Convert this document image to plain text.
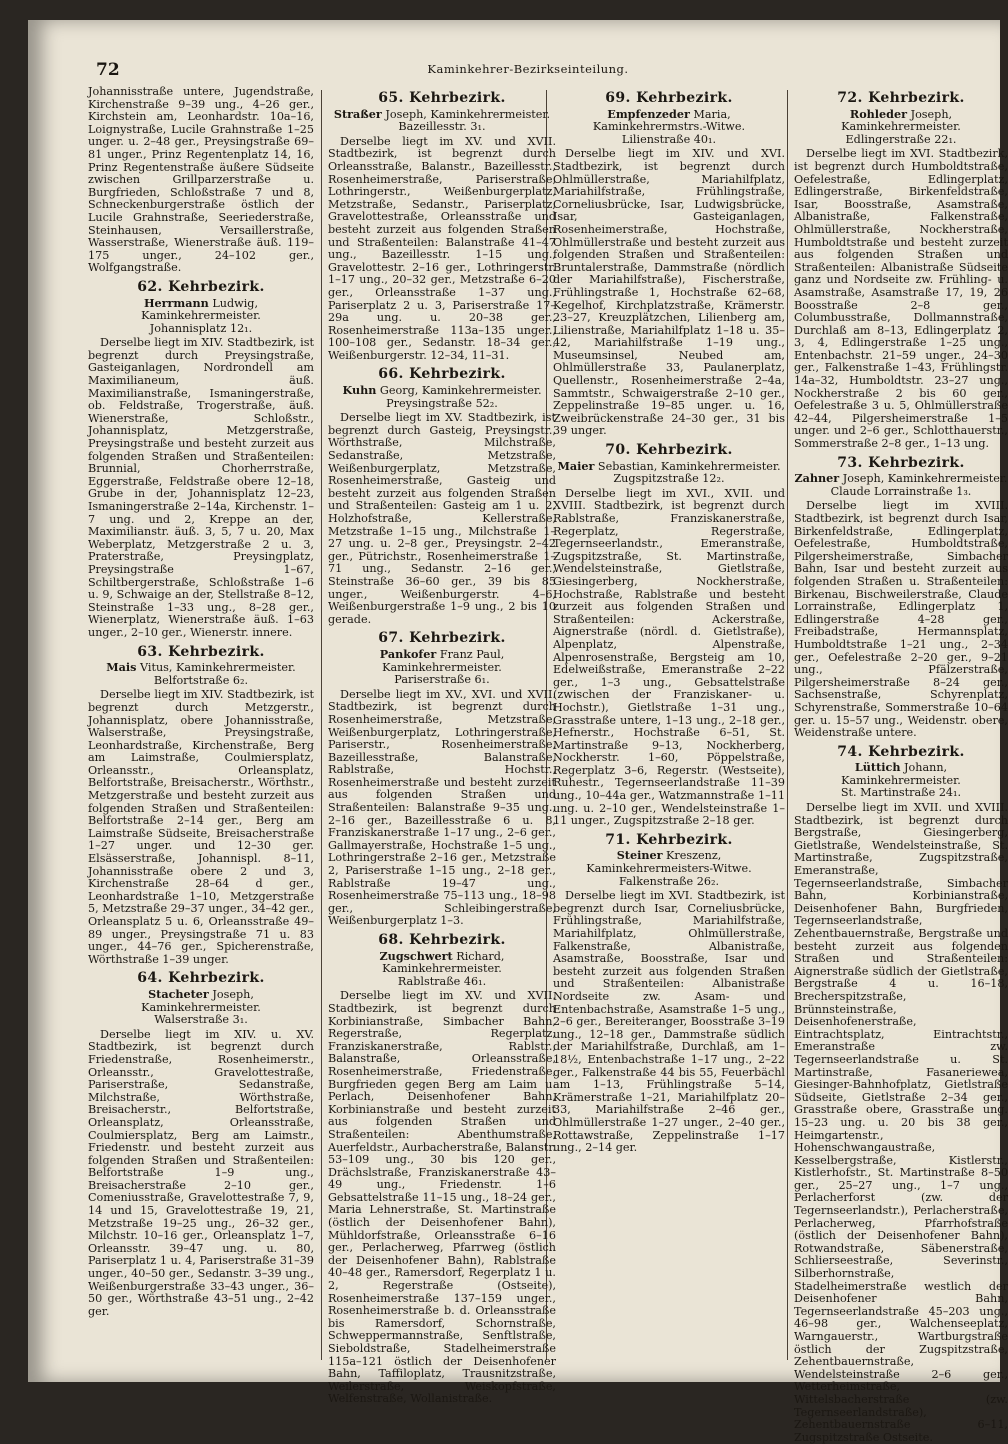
72	Kaminkehrer-Bezirkseinteilung.

Johannisstraße untere, Jugendstraße, Kirchenstraße 9–39 ung., 4–26 ger., Kirchstein am, Leonhardstr. 10a–16, Loignystraße, Lucile Grahnstraße 1–25 unger. u. 2–48 ger., Preysingstraße 69–81 unger., Prinz Regentenplatz 14, 16, Prinz Regentenstraße äußere Südseite zwischen Grillparzerstraße u. Burgfrieden, Schloßstraße 7 und 8, Schneckenburgerstraße östlich der Lucile Grahnstraße, Seeriederstraße, Steinhausen, Versaillerstraße, Wasserstraße, Wienerstraße äuß. 119–175 unger., 24–102 ger., Wolfgangstraße.

62. Kehrbezirk.
Herrmann Ludwig, Kaminkehrermeister.
Johannisplatz 12₁.

Derselbe liegt im XIV. Stadtbezirk, ist begrenzt durch Preysingstraße, Gasteiganlagen, Nordrondell am Maximilianeum, äuß. Maximilianstraße, Ismaningerstraße, ob. Feldstraße, Trogerstraße, äuß. Wienerstraße, Schloßstr., Johannisplatz, Metzgerstraße, Preysingstraße und besteht zurzeit aus folgenden Straßen und Straßenteilen: Brunnial, Chorherrstraße, Eggerstraße, Feldstraße obere 12–18, Grube in der, Johannisplatz 12–23, Ismaningerstraße 2–14a, Kirchenstr. 1–7 ung. und 2, Kreppe an der, Maximilianstr. äuß. 3, 5, 7 u. 20, Max Weberplatz, Metzgerstraße 2 u. 3, Praterstraße, Preysingplatz, Preysingstraße 1–67, Schiltbergerstraße, Schloßstraße 1–6 u. 9, Schwaige an der, Stellstraße 8–12, Steinstraße 1–33 ung., 8–28 ger., Wienerplatz, Wienerstraße äuß. 1–63 unger., 2–10 ger., Wienerstr. innere.

63. Kehrbezirk.
Mais Vitus, Kaminkehrermeister.
Belfortstraße 6₂.

Derselbe liegt im XIV. Stadtbezirk, ist begrenzt durch Metzgerstr., Johannisplatz, obere Johannisstraße, Walserstraße, Preysingstraße, Leonhardstraße, Kirchenstraße, Berg am Laimstraße, Coulmiersplatz, Orleansstr., Orleansplatz, Belfortstraße, Breisacherstr., Wörthstr., Metzgerstraße und besteht zurzeit aus folgenden Straßen und Straßenteilen: Belfortstraße 2–14 ger., Berg am Laimstraße Südseite, Breisacherstraße 1–27 unger. und 12–30 ger. Elsässerstraße, Johannispl. 8–11, Johannisstraße obere 2 und 3, Kirchenstraße 28–64 d ger., Leonhardstraße 1–10, Metzgerstraße 5, Metzstraße 29–37 unger., 34–42 ger., Orleansplatz 5 u. 6, Orleansstraße 49–89 unger., Preysingstraße 71 u. 83 unger., 44–76 ger., Spicherenstraße, Wörthstraße 1–39 unger.

64. Kehrbezirk.
Stacheter Joseph, Kaminkehrermeister.
Walserstraße 3₁.

Derselbe liegt im XIV. u. XV. Stadtbezirk, ist begrenzt durch Friedenstraße, Rosenheimerstr., Orleansstr., Gravelottestraße, Pariserstraße, Sedanstraße, Milchstraße, Wörthstraße, Breisacherstr., Belfortstraße, Orleansplatz, Orleansstraße, Coulmiersplatz, Berg am Laimstr., Friedenstr. und besteht zurzeit aus folgenden Straßen und Straßenteilen: Belfortstraße 1–9 ung., Breisacherstraße 2–10 ger., Comeniusstraße, Gravelottestraße 7, 9, 14 und 15, Gravelottestraße 19, 21, Metzstraße 19–25 ung., 26–32 ger., Milchstr. 10–16 ger., Orleansplatz 1–7, Orleansstr. 39–47 ung. u. 80, Pariserplatz 1 u. 4, Pariserstraße 31–39 unger., 40–50 ger., Sedanstr. 3–39 ung., Weißenburgerstraße 33–43 unger., 36–50 ger., Wörthstraße 43–51 ung., 2–42 ger.

65. Kehrbezirk.
Straßer Joseph, Kaminkehrermeister.
Bazeillesstr. 3₁.

Derselbe liegt im XV. und XVII. Stadtbezirk, ist begrenzt durch Orleansstraße, Balanstr., Bazeillesstr., Rosenheimerstraße, Pariserstraße, Lothringerstr., Weißenburgerplatz, Metzstraße, Sedanstr., Pariserplatz, Gravelottestraße, Orleansstraße und besteht zurzeit aus folgenden Straßen und Straßenteilen: Balanstraße 41–47 ung., Bazeillesstr. 1–15 ung., Gravelottestr. 2–16 ger., Lothringerstr. 1–17 ung., 20–32 ger., Metzstraße 6–20 ger., Orleansstraße 1–37 ung., Pariserplatz 2 u. 3, Pariserstraße 17–29a ung. u. 20–38 ger., Rosenheimerstraße 113a–135 unger., 100–108 ger., Sedanstr. 18–34 ger., Weißenburgerstr. 12–34, 11–31.

66. Kehrbezirk.
Kuhn Georg, Kaminkehrermeister.
Preysingstraße 52₂.

Derselbe liegt im XV. Stadtbezirk, ist begrenzt durch Gasteig, Preysingstr., Wörthstraße, Milchstraße, Sedanstraße, Metzstraße, Weißenburgerplatz, Metzstraße, Rosenheimerstraße, Gasteig und besteht zurzeit aus folgenden Straßen und Straßenteilen: Gasteig am 1 u. 2, Holzhofstraße, Kellerstraße, Metzstraße 1–15 ung., Milchstraße 1–27 ung. u. 2–8 ger., Preysingstr. 2–42 ger., Pütrichstr., Rosenheimerstraße 1–71 ung., Sedanstr. 2–16 ger., Steinstraße 36–60 ger., 39 bis 85 unger., Weißenburgerstr. 4–6, Weißenburgerstraße 1–9 ung., 2 bis 10 gerade.

67. Kehrbezirk.
Pankofer Franz Paul, Kaminkehrermeister.
Pariserstraße 6₁.

Derselbe liegt im XV., XVI. und XVII. Stadtbezirk, ist begrenzt durch Rosenheimerstraße, Metzstraße, Weißenburgerplatz, Lothringerstraße, Pariserstr., Rosenheimerstraße, Bazeillesstraße, Balanstraße, Rablstraße, Hochstr., Rosenheimerstraße und besteht zurzeit aus folgenden Straßen und Straßenteilen: Balanstraße 9–35 ung., 2–16 ger., Bazeillesstraße 6 u. 8, Franziskanerstraße 1–17 ung., 2–6 ger., Gallmayerstraße, Hochstraße 1–5 ung., Lothringerstraße 2–16 ger., Metzstraße 2, Pariserstraße 1–15 ung., 2–18 ger., Rablstraße 19–47 ung., Rosenheimerstraße 75–113 ung., 18–98 ger., Schleibingerstraße, Weißenburgerplatz 1–3.

68. Kehrbezirk.
Zugschwert Richard, Kaminkehrermeister.
Rablstraße 46₁.

Derselbe liegt im XV. und XVII. Stadtbezirk, ist begrenzt durch Korbinianstraße, Simbacher Bahn, Regerstraße, Regerplatz, Franziskanerstraße, Rablstr., Balanstraße, Orleansstraße, Rosenheimerstraße, Friedenstraße, Burgfrieden gegen Berg am Laim u. Perlach, Deisenhofener Bahn, Korbinianstraße und besteht zurzeit aus folgenden Straßen und Straßenteilen: Abenthumstraße, Auerfeldstr., Aurbacherstraße, Balanstr. 53–109 ung., 30 bis 120 ger., Drächslstraße, Franziskanerstraße 43–49 ung., Friedenstr. 1–6 Gebsattelstraße 11–15 ung., 18–24 ger., Maria Lehnerstraße, St. Martinstraße (östlich der Deisenhofener Bahn), Mühldorfstraße, Orleansstraße 6–16 ger., Perlacherweg, Pfarrweg (östlich der Deisenhofener Bahn), Rablstraße 40–48 ger., Ramersdorf, Regerplatz 1 u. 2, Regerstraße (Ostseite), Rosenheimerstraße 137–159 unger., Rosenheimerstraße b. d. Orleansstraße bis Ramersdorf, Schornstraße, Schweppermannstraße, Senftlstraße, Sieboldstraße, Stadelheimerstraße 115a–121 östlich der Deisenhofener Bahn, Taffiloplatz, Trausnitzstraße, Weilerstraße, Weiskopfstraße, Welfenstraße, Wollanistraße.

69. Kehrbezirk.
Empfenzeder Maria, Kaminkehrermstrs.-Witwe.
Lilienstraße 40₁.

Derselbe liegt im XIV. und XVI. Stadtbezirk, ist begrenzt durch Ohlmüllerstraße, Mariahilfplatz, Mariahilfstraße, Frühlingstraße, Corneliusbrücke, Isar, Ludwigsbrücke, Isar, Gasteiganlagen, Rosenheimerstraße, Hochstraße, Ohlmüllerstraße und besteht zurzeit aus folgenden Straßen und Straßenteilen: Bruntalerstraße, Dammstraße (nördlich der Mariahilfstraße), Fischerstraße, Frühlingstraße 1, Hochstraße 62–68, Kegelhof, Kirchplatzstraße, Krämerstr. 23–27, Kreuzplätzchen, Lilienberg am, Lilienstraße, Mariahilfplatz 1–18 u. 35–42, Mariahilfstraße 1–19 ung., Museumsinsel, Neubed am, Ohlmüllerstraße 33, Paulanerplatz, Quellenstr., Rosenheimerstraße 2–4a, Sammtstr., Schwaigerstraße 2–10 ger., Zeppelinstraße 19–85 unger. u. 16, Zweibrückenstraße 24–30 ger., 31 bis 39 unger.

70. Kehrbezirk.
Maier Sebastian, Kaminkehrermeister.
Zugspitzstraße 12₂.

Derselbe liegt im XVI., XVII. und XVIII. Stadtbezirk, ist begrenzt durch Rablstraße, Franziskanerstraße, Regerplatz, Regerstraße, Tegernseerlandstr., Emeranstraße, Zugspitzstraße, St. Martinstraße, Wendelsteinstraße, Gietlstraße, Giesingerberg, Nockherstraße, Hochstraße, Rablstraße und besteht zurzeit aus folgenden Straßen und Straßenteilen: Ackerstraße, Aignerstraße (nördl. d. Gietlstraße), Alpenplatz, Alpenstraße, Alpenrosenstraße, Bergsteig am 10, Edelweißstraße, Emeranstraße 2–22 ger., 1–3 ung., Gebsattelstraße (zwischen der Franziskaner- u. Hochstr.), Gietlstraße 1–31 ung., Grasstraße untere, 1–13 ung., 2–18 ger., Hefnerstr., Hochstraße 6–51, St. Martinstraße 9–13, Nockherberg, Nockherstr. 1–60, Pöppelstraße, Regerplatz 3–6, Regerstr. (Westseite), Ruhestr., Tegernseerlandstraße 11–39 ung., 10–44a ger., Watzmannstraße 1–11 ung. u. 2–10 ger., Wendelsteinstraße 1–11 unger., Zugspitzstraße 2–18 ger.

71. Kehrbezirk.
Steiner Kreszenz, Kaminkehrermeisters-Witwe.
Falkenstraße 26₂.

Derselbe liegt im XVI. Stadtbezirk, ist begrenzt durch Isar, Corneliusbrücke, Frühlingstraße, Mariahilfstraße, Mariahilfplatz, Ohlmüllerstraße, Falkenstraße, Albanistraße, Asamstraße, Boosstraße, Isar und besteht zurzeit aus folgenden Straßen und Straßenteilen: Albanistraße Nordseite zw. Asam- und Entenbachstraße, Asamstraße 1–5 ung., 2–6 ger., Bereiteranger, Boosstraße 3–19 ung., 12–18 ger., Dammstraße südlich der Mariahilfstraße, Durchlaß, am 1–18½, Entenbachstraße 1–17 ung., 2–22 ger., Falkenstraße 44 bis 55, Feuerbächl am 1–13, Frühlingstraße 5–14, Krämerstraße 1–21, Mariahilfplatz 20–33, Mariahilfstraße 2–46 ger., Ohlmüllerstraße 1–27 unger., 2–40 ger., Rottawstraße, Zeppelinstraße 1–17 ung., 2–14 ger.

72. Kehrbezirk.
Rohleder Joseph, Kaminkehrermeister.
Edlingerstraße 22₁.

Derselbe liegt im XVI. Stadtbezirk, ist begrenzt durch Humboldtstraße, Oefelestraße, Edlingerplatz, Edlingerstraße, Birkenfeldstraße, Isar, Boosstraße, Asamstraße, Albanistraße, Falkenstraße, Ohlmüllerstraße, Nockherstraße, Humboldtstraße und besteht zurzeit aus folgenden Straßen und Straßenteilen: Albanistraße Südseite ganz und Nordseite zw. Frühling- u. Asamstraße, Asamstraße 17, 19, 26 Boosstraße 2–8 ger., Columbusstraße, Dollmannstraße, Durchlaß am 8–13, Edlingerplatz 2, 3, 4, Edlingerstraße 1–25 ung., Entenbachstr. 21–59 unger., 24–30 ger., Falkenstraße 1–43, Frühlingstr. 14a–32, Humboldtstr. 23–27 ung., Nockherstraße 2 bis 60 ger., Oefelestraße 3 u. 5, Ohlmüllerstraße 42–44, Pilgersheimerstraße 1–5 unger. und 2–6 ger., Schlotthauerstr., Sommerstraße 2–8 ger., 1–13 ung.

73. Kehrbezirk.
Zahner Joseph, Kaminkehrermeister.
Claude Lorrainstraße 1₃.

Derselbe liegt im XVIII. Stadtbezirk, ist begrenzt durch Isar, Birkenfeldstraße, Edlingerplatz, Oefelestraße, Humboldtstraße, Pilgersheimerstraße, Simbacher Bahn, Isar und besteht zurzeit aus folgenden Straßen u. Straßenteilen: Birkenau, Bischweilerstraße, Claude Lorrainstraße, Edlingerplatz 1, Edlingerstraße 4–28 ger., Freibadstraße, Hermannsplatz, Humboldtstraße 1–21 ung., 2–34 ger., Oefelestraße 2–20 ger., 9–21 ung., Pfälzerstraße, Pilgersheimerstraße 8–24 ger., Sachsenstraße, Schyrenplatz, Schyrenstraße, Sommerstraße 10–64 ger. u. 15–57 ung., Weidenstr. obere, Weidenstraße untere.

74. Kehrbezirk.
Lüttich Johann, Kaminkehrermeister.
St. Martinstraße 24₁.

Derselbe liegt im XVII. und XVIII. Stadtbezirk, ist begrenzt durch Bergstraße, Giesingerberg, Gietlstraße, Wendelsteinstraße, St. Martinstraße, Zugspitzstraße, Emeranstraße, Tegernseerlandstraße, Simbacher Bahn, Korbinianstraße, Deisenhofener Bahn, Burgfrieden, Tegernseerlandstraße, Zehentbauernstraße, Bergstraße und besteht zurzeit aus folgenden Straßen und Straßenteilen: Aignerstraße südlich der Gietlstraße, Bergstraße 4 u. 16–18, Brecherspitzstraße, Brünnsteinstraße, Deisenhofenerstraße, Eintrachtsplatz, Eintrachtstr., Emeranstraße zw. Tegernseerlandstraße u. St. Martinstraße, Fasaneriewea, Giesinger-Bahnhofplatz, Gietlstraße Südseite, Gietlstraße 2–34 ger., Grasstraße obere, Grasstraße ung. 15–23 ung. u. 20 bis 38 ger., Heimgartenstr., Hohenschwangaustraße, Kesselbergstraße, Kistlerstr., Kistlerhofstr., St. Martinstraße 8–50 ger., 25–27 ung., 1–7 ung., Perlacherforst (zw. der Tegernseerlandstr.), Perlacherstraße, Perlacherweg, Pfarrhofstraße (östlich der Deisenhofener Bahn), Rotwandstraße, Säbenerstraße, Schlierseestraße, Severinstr., Silberhornstraße, Stadelheimerstraße westlich der Deisenhofener Bahn, Tegernseerlandstraße 45–203 ung., 46–98 ger., Walchenseeplatz, Warngauerstr., Wartburgstraße östlich der Zugspitzstraße, Zehentbauernstraße, Wendelsteinstraße 2–6 ger., Wetterheimstraße, Wittelsbacherstraße (zw. Tegernseerlandstraße), Zehentbauernstraße 6–11, Zugspitzstraße Ostseite.
